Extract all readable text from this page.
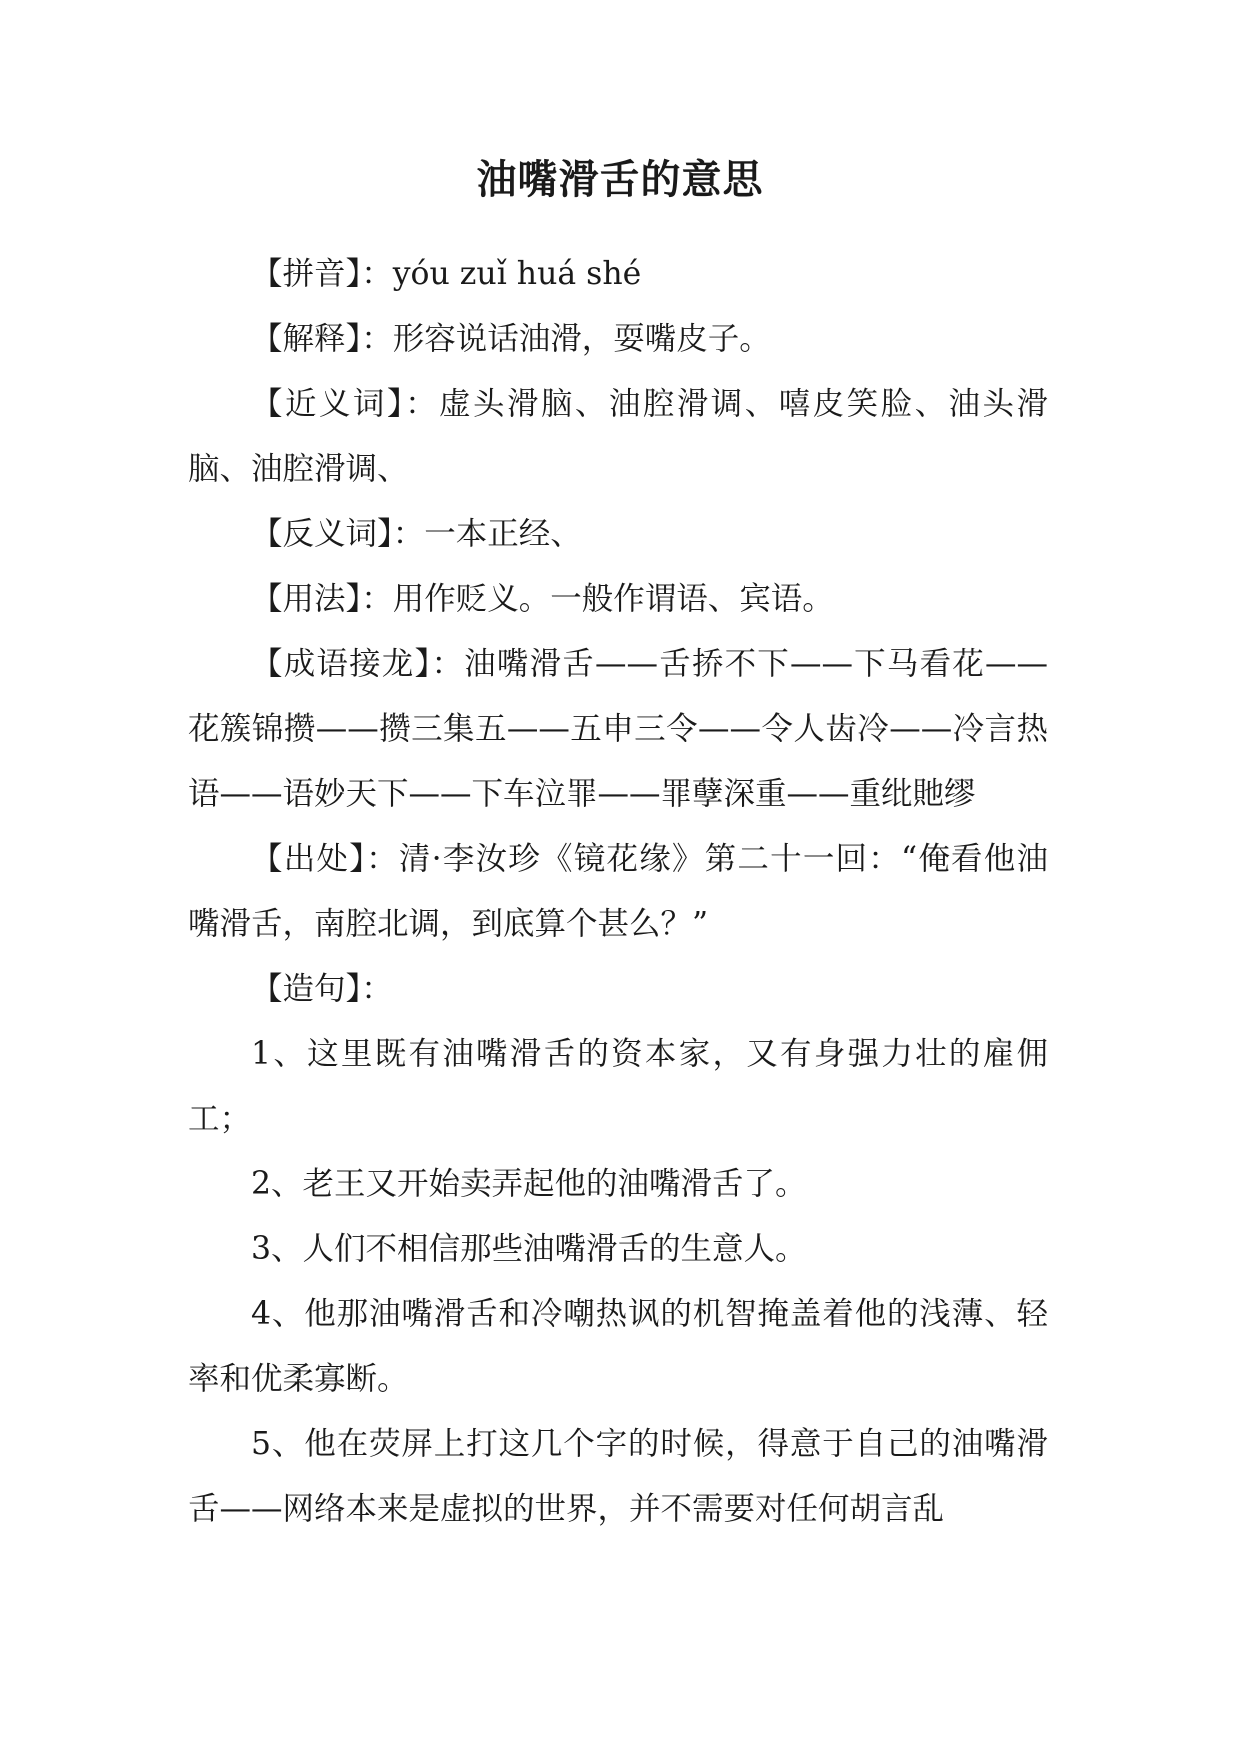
油嘴滑舌的意思

【拼音】：yóu zuǐ huá shé

【解释】：形容说话油滑，耍嘴皮子。

【近义词】：虚头滑脑、油腔滑调、嘻皮笑脸、油头滑脑、油腔滑调、

【反义词】：一本正经、

【用法】：用作贬义。一般作谓语、宾语。

【成语接龙】：油嘴滑舌——舌挢不下——下马看花——花簇锦攒——攒三集五——五申三令——令人齿冷——冷言热语——语妙天下——下车泣罪——罪孽深重——重纰貤缪

【出处】：清·李汝珍《镜花缘》第二十一回：“俺看他油嘴滑舌，南腔北调，到底算个甚么？”

【造句】：

1、这里既有油嘴滑舌的资本家，又有身强力壮的雇佣工；

2、老王又开始卖弄起他的油嘴滑舌了。

3、人们不相信那些油嘴滑舌的生意人。

4、他那油嘴滑舌和冷嘲热讽的机智掩盖着他的浅薄、轻率和优柔寡断。

5、他在荧屏上打这几个字的时候，得意于自己的油嘴滑舌——网络本来是虚拟的世界，并不需要对任何胡言乱
